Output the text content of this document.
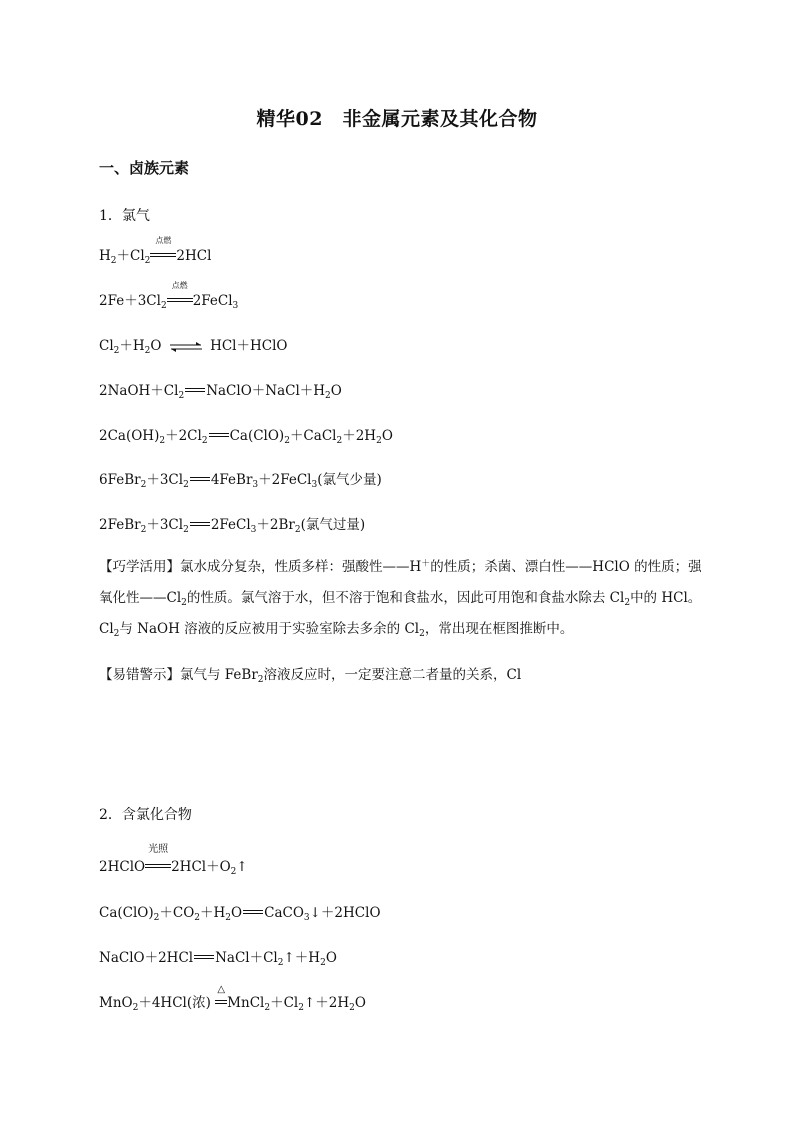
精华02　非金属元素及其化合物
一、卤族元素
1．氯气
$H_2+Cl_2$
点燃
2HCl
$2Fe+3Cl_2$
点燃
2FeCl$_3$
$Cl_2+H_2O$ ⇌ HCl＋HClO
$2NaOH+Cl_2$ $NaClO+NaCl+H_2O$
$2Ca(OH)_2+2Cl_2$ $Ca(ClO)_2+CaCl_2+2H_2O$
$6FeBr_2+3Cl_2$ 4FeBr$_3$＋2FeCl$_3$(氯气少量)
$2FeBr_2+3Cl_2$ $2FeCl_3+2Br_2$(氯气过量)
【巧学活用】氯水成分复杂，性质多样：强酸性——H＋的性质；杀菌、漂白性——HClO 的性质；强氧化性$——Cl_2$的性质。氯气溶于水，但不溶于饱和食盐水，因此可用饱和食盐水除去 $Cl_2$中的 HCl。$Cl_2$与 NaOH 溶液的反应被用于实验室除去多余的 $Cl_2$，常出现在框图推断中。
【易错警示】氯气与 FeBr$_2$溶液反应时，一定要注意二者量的关系，Cl
2．含氯化合物
2HClO
光照
$2HCl+O_2↑$
$Ca(ClO)_2+CO_2+H_2O$ CaCO$_3$↓＋2HClO
NaClO＋2HCl $NaCl+Cl_2↑+H_2O$
MnO$_2$＋4HCl(浓)
△
$MnCl_2+Cl_2↑+2H_2O$
